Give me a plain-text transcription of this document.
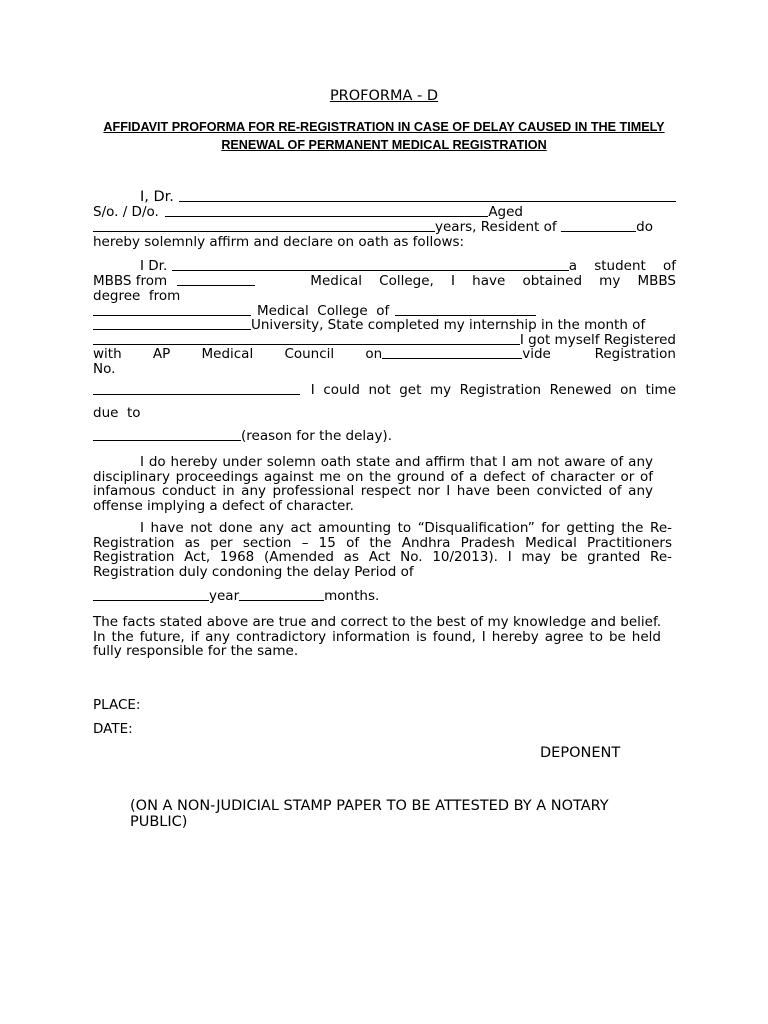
PROFORMA - D
AFFIDAVIT PROFORMA FOR RE-REGISTRATION IN CASE OF DELAY CAUSED IN THE TIMELY
RENEWAL OF PERMANENT MEDICAL REGISTRATION
I, Dr.
S/o. / D/o.	Aged
years, Resident of	do
hereby solemnly affirm and declare on oath as follows:
I Dr.	a    student    of
MBBS from	Medical    College,    I    have    obtained    my    MBBS
degree  from
Medical  College  of
University, State completed my internship in the month of
I got myself Registered
with AP Medical Council on	vide	Registration
No.
I  could  not  get  my  Registration  Renewed  on  time
due  to
(reason for the delay).

I do hereby under solemn oath state and affirm that I am not aware of any disciplinary proceedings against me on the ground of a defect of character or of infamous conduct in any professional respect nor I have been convicted of any offense implying a defect of character.

I have not done any act amounting to “Disqualification” for getting the Re-Registration as per section – 15 of the Andhra Pradesh Medical Practitioners Registration Act, 1968 (Amended as Act No. 10/2013). I may be granted Re-Registration duly condoning the delay Period of

year	months.

The facts stated above are true and correct to the best of my knowledge and belief. In the future, if any contradictory information is found, I hereby agree to be held fully responsible for the same.

PLACE:
DATE:
DEPONENT

(ON A NON-JUDICIAL STAMP PAPER TO BE ATTESTED BY A NOTARY PUBLIC)
